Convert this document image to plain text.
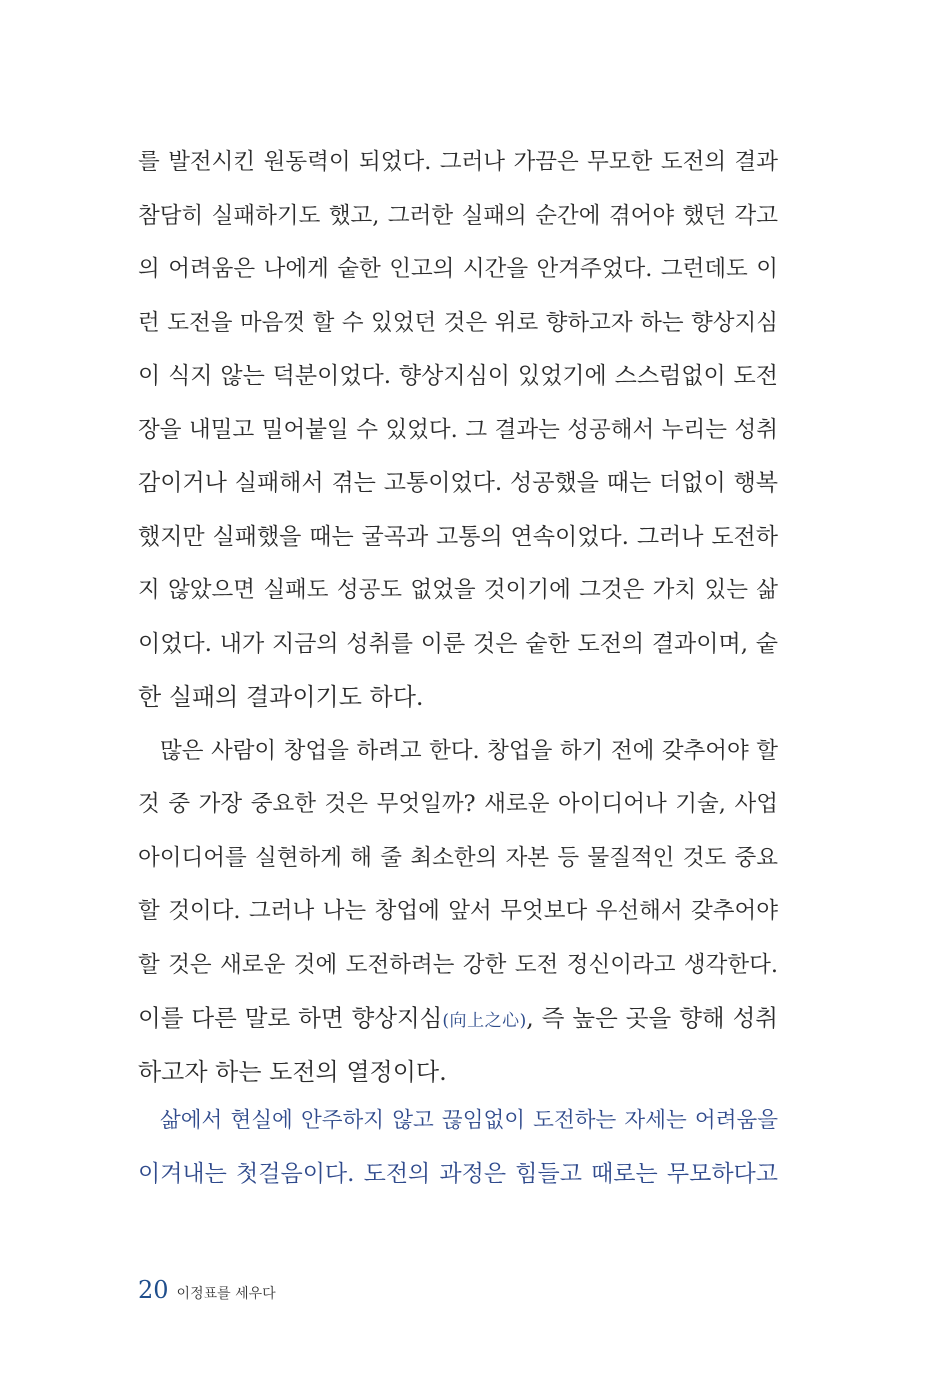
를 발전시킨 원동력이 되었다. 그러나 가끔은 무모한 도전의 결과
참담히 실패하기도 했고, 그러한 실패의 순간에 겪어야 했던 각고
의 어려움은 나에게 숱한 인고의 시간을 안겨주었다. 그런데도 이
런 도전을 마음껏 할 수 있었던 것은 위로 향하고자 하는 향상지심
이 식지 않는 덕분이었다. 향상지심이 있었기에 스스럼없이 도전
장을 내밀고 밀어붙일 수 있었다. 그 결과는 성공해서 누리는 성취
감이거나 실패해서 겪는 고통이었다. 성공했을 때는 더없이 행복
했지만 실패했을 때는 굴곡과 고통의 연속이었다. 그러나 도전하
지 않았으면 실패도 성공도 없었을 것이기에 그것은 가치 있는 삶
이었다. 내가 지금의 성취를 이룬 것은 숱한 도전의 결과이며, 숱
한 실패의 결과이기도 하다.
많은 사람이 창업을 하려고 한다. 창업을 하기 전에 갖추어야 할
것 중 가장 중요한 것은 무엇일까? 새로운 아이디어나 기술, 사업
아이디어를 실현하게 해 줄 최소한의 자본 등 물질적인 것도 중요
할 것이다. 그러나 나는 창업에 앞서 무엇보다 우선해서 갖추어야
할 것은 새로운 것에 도전하려는 강한 도전 정신이라고 생각한다.
이를 다른 말로 하면 향상지심(向上之心), 즉 높은 곳을 향해 성취
하고자 하는 도전의 열정이다.
삶에서 현실에 안주하지 않고 끊임없이 도전하는 자세는 어려움을
이겨내는 첫걸음이다. 도전의 과정은 힘들고 때로는 무모하다고
20 이정표를 세우다
